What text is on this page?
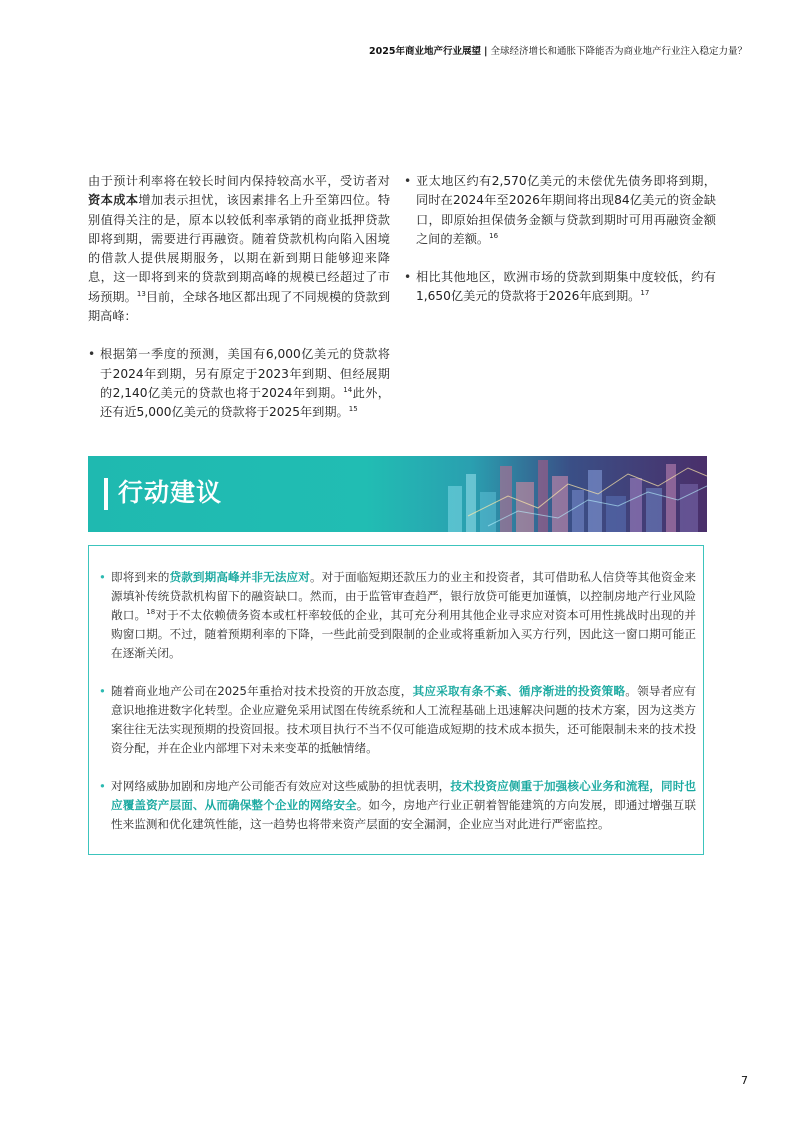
2025年商业地产行业展望 | 全球经济增长和通胀下降能否为商业地产行业注入稳定力量？

由于预计利率将在较长时间内保持较高水平，受访者对资本成本增加表示担忧，该因素排名上升至第四位。特别值得关注的是，原本以较低利率承销的商业抵押贷款即将到期，需要进行再融资。随着贷款机构向陷入困境的借款人提供展期服务，以期在新到期日能够迎来降息，这一即将到来的贷款到期高峰的规模已经超过了市场预期。$^{13}$目前，全球各地区都出现了不同规模的贷款到期高峰：

• 根据第一季度的预测，美国有6,000亿美元的贷款将于2024年到期，另有原定于2023年到期、但经展期的2,140亿美元的贷款也将于2024年到期。$^{14}$此外，还有近5,000亿美元的贷款将于2025年到期。$^{15}$
• 亚太地区约有2,570亿美元的未偿优先债务即将到期，同时在2024年至2026年期间将出现84亿美元的资金缺口，即原始担保债务金额与贷款到期时可用再融资金额之间的差额。$^{16}$
• 相比其他地区，欧洲市场的贷款到期集中度较低，约有1,650亿美元的贷款将于2026年底到期。$^{17}$
行动建议
• 即将到来的贷款到期高峰并非无法应对。对于面临短期还款压力的业主和投资者，其可借助私人信贷等其他资金来源填补传统贷款机构留下的融资缺口。然而，由于监管审查趋严，银行放贷可能更加谨慎，以控制房地产行业风险敞口。$^{18}$对于不太依赖债务资本或杠杆率较低的企业，其可充分利用其他企业寻求应对资本可用性挑战时出现的并购窗口期。不过，随着预期利率的下降，一些此前受到限制的企业或将重新加入买方行列，因此这一窗口期可能正在逐渐关闭。
• 随着商业地产公司在2025年重拾对技术投资的开放态度，其应采取有条不紊、循序渐进的投资策略。领导者应有意识地推进数字化转型。企业应避免采用试图在传统系统和人工流程基础上迅速解决问题的技术方案，因为这类方案往往无法实现预期的投资回报。技术项目执行不当不仅可能造成短期的技术成本损失，还可能限制未来的技术投资分配，并在企业内部埋下对未来变革的抵触情绪。
• 对网络威胁加剧和房地产公司能否有效应对这些威胁的担忧表明，技术投资应侧重于加强核心业务和流程，同时也应覆盖资产层面、从而确保整个企业的网络安全。如今，房地产行业正朝着智能建筑的方向发展，即通过增强互联性来监测和优化建筑性能，这一趋势也将带来资产层面的安全漏洞，企业应当对此进行严密监控。
7
